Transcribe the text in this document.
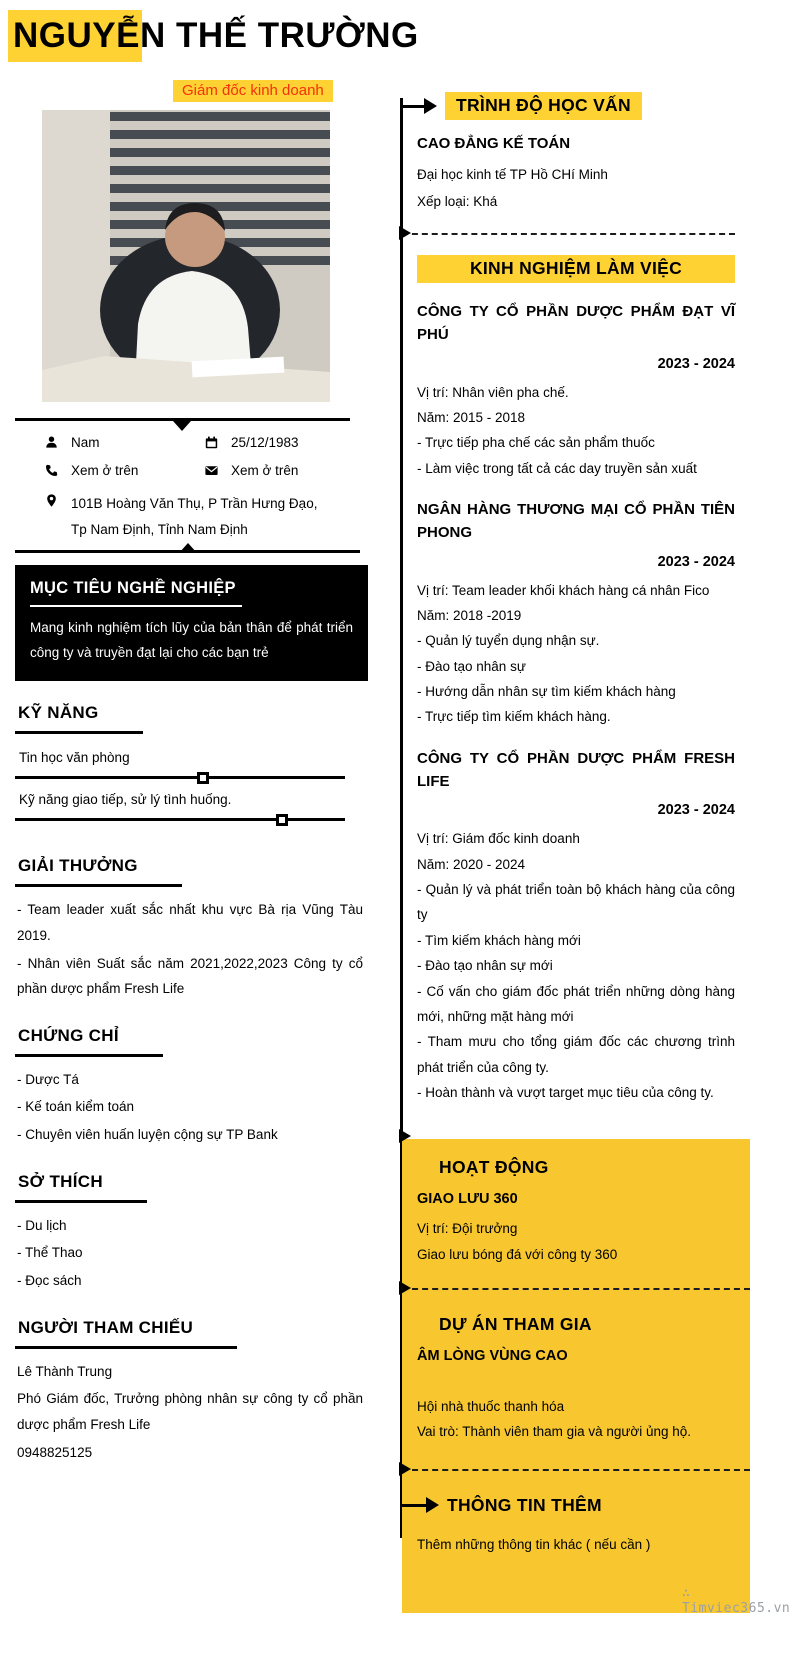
NGUYỄN THẾ TRƯỜNG
Giám đốc kinh doanh
Nam	25/12/1983
Xem ở trên	Xem ở trên
101B Hoàng Văn Thụ, P Trần Hưng Đạo,
Tp Nam Định, Tỉnh Nam Định
MỤC TIÊU NGHỀ NGHIỆP

Mang kinh nghiệm tích lũy của bản thân để phát triển công ty và truyền đạt lại cho các bạn trẻ

KỸ NĂNG
Tin học văn phòng
Kỹ năng giao tiếp, sử lý tình huống.
GIẢI THƯỞNG
- Team leader xuất sắc nhất khu vực Bà rịa Vũng Tàu 2019.
- Nhân viên Suất sắc năm 2021,2022,2023 Công ty cổ phần dược phẩm Fresh Life
CHỨNG CHỈ
- Dược Tá
- Kế toán kiểm toán
- Chuyên viên huấn luyện cộng sự TP Bank
SỞ THÍCH
- Du lịch
- Thể Thao
- Đọc sách
NGƯỜI THAM CHIẾU
Lê Thành Trung
Phó Giám đốc, Trưởng phòng nhân sự công ty cổ phần dược phẩm Fresh Life
0948825125
TRÌNH ĐỘ HỌC VẤN
CAO ĐẲNG KẾ TOÁN
Đại học kinh tế TP Hồ CHí Minh
Xếp loại: Khá
KINH NGHIỆM LÀM VIỆC
CÔNG TY CỔ PHẦN DƯỢC PHẨM ĐẠT VĨ PHÚ
2023 - 2024
Vị trí: Nhân viên pha chế.
Năm: 2015 - 2018
- Trực tiếp pha chế các sản phẩm thuốc
- Làm việc trong tất cả các day truyền sản xuất
NGÂN HÀNG THƯƠNG MẠI CỔ PHẦN TIÊN PHONG
2023 - 2024
Vị trí: Team leader khối khách hàng cá nhân Fico
Năm: 2018 -2019
- Quản lý tuyển dụng nhận sự.
- Đào tạo nhân sự
- Hướng dẫn nhân sự tìm kiếm khách hàng
- Trực tiếp tìm kiếm khách hàng.
CÔNG TY CỔ PHẦN DƯỢC PHẨM FRESH LIFE
2023 - 2024
Vị trí: Giám đốc kinh doanh
Năm: 2020 - 2024
- Quản lý và phát triển toàn bộ khách hàng của công ty
- Tìm kiếm khách hàng mới
- Đào tạo nhân sự mới
- Cố vấn cho giám đốc phát triển những dòng hàng mới, những mặt hàng mới
- Tham mưu cho tổng giám đốc các chương trình phát triển của công ty.
- Hoàn thành và vượt target mục tiêu của công ty.
HOẠT ĐỘNG
GIAO LƯU 360
Vị trí: Đội trưởng
Giao lưu bóng đá với công ty 360
DỰ ÁN THAM GIA
ÂM LÒNG VÙNG CAO
Hội nhà thuốc thanh hóa
Vai trò: Thành viên tham gia và người ủng hộ.
THÔNG TIN THÊM
Thêm những thông tin khác ( nếu cần )
∴ Timviec365.vn
